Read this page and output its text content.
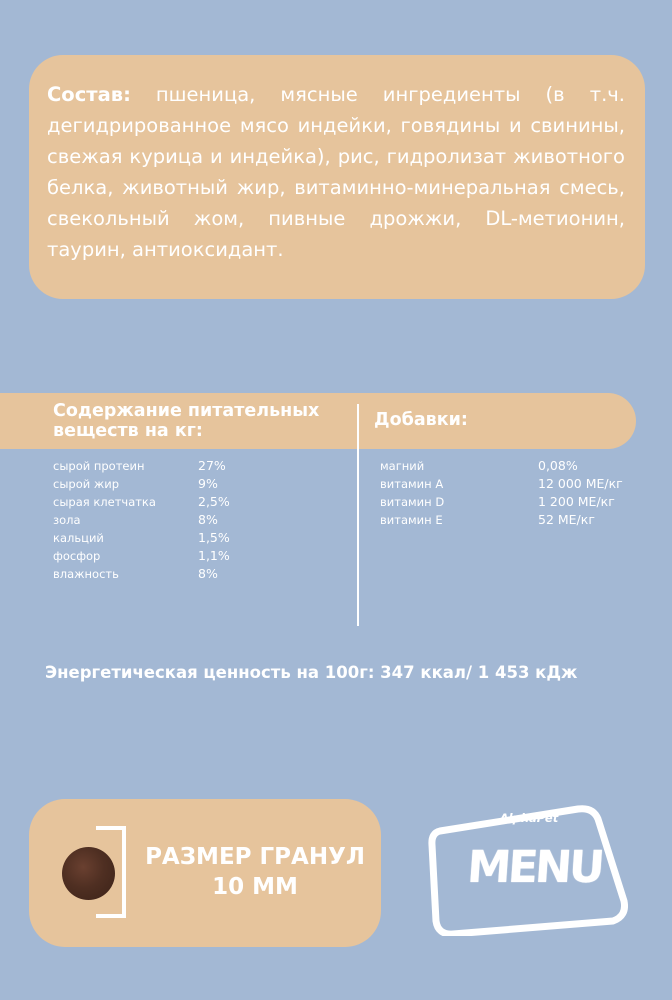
Состав: пшеница, мясные ингредиенты (в т.ч. дегидрированное мясо индейки, говядины и свинины, свежая курица и индейка), рис, гидролизат животного белка, животный жир, витаминно-минеральная смесь, свекольный жом, пивные дрожжи, DL-метионин, таурин, антиоксидант.
Содержание питательных веществ на кг:
Добавки:
сырой протеин	27%
сырой жир	9%
сырая клетчатка	2,5%
зола	8%
кальций	1,5%
фосфор	1,1%
влажность	8%
магний	0,08%
витамин А	12 000 МЕ/кг
витамин D	1 200 МЕ/кг
витамин Е	52 МЕ/кг
Энергетическая ценность на 100г: 347 ккал/ 1 453 кДж
РАЗМЕР ГРАНУЛ
10 ММ
AlphaPet
MENU
